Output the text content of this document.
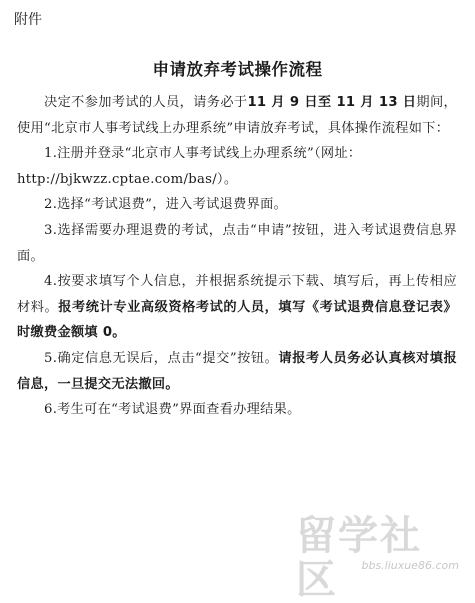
附件
申请放弃考试操作流程

决定不参加考试的人员，请务必于11 月 9 日至 11 月 13 日期间，使用“北京市人事考试线上办理系统”申请放弃考试，具体操作流程如下：

1.注册并登录“北京市人事考试线上办理系统”（网址：

http://bjkwzz.cptae.com/bas/）。

2.选择“考试退费”，进入考试退费界面。

3.选择需要办理退费的考试，点击“申请”按钮，进入考试退费信息界面。

4.按要求填写个人信息，并根据系统提示下载、填写后，再上传相应材料。报考统计专业高级资格考试的人员，填写《考试退费信息登记表》时缴费金额填 0。

5.确定信息无误后，点击“提交”按钮。请报考人员务必认真核对填报信息，一旦提交无法撤回。

6.考生可在“考试退费”界面查看办理结果。

留学社区	bbs.liuxue86.com
